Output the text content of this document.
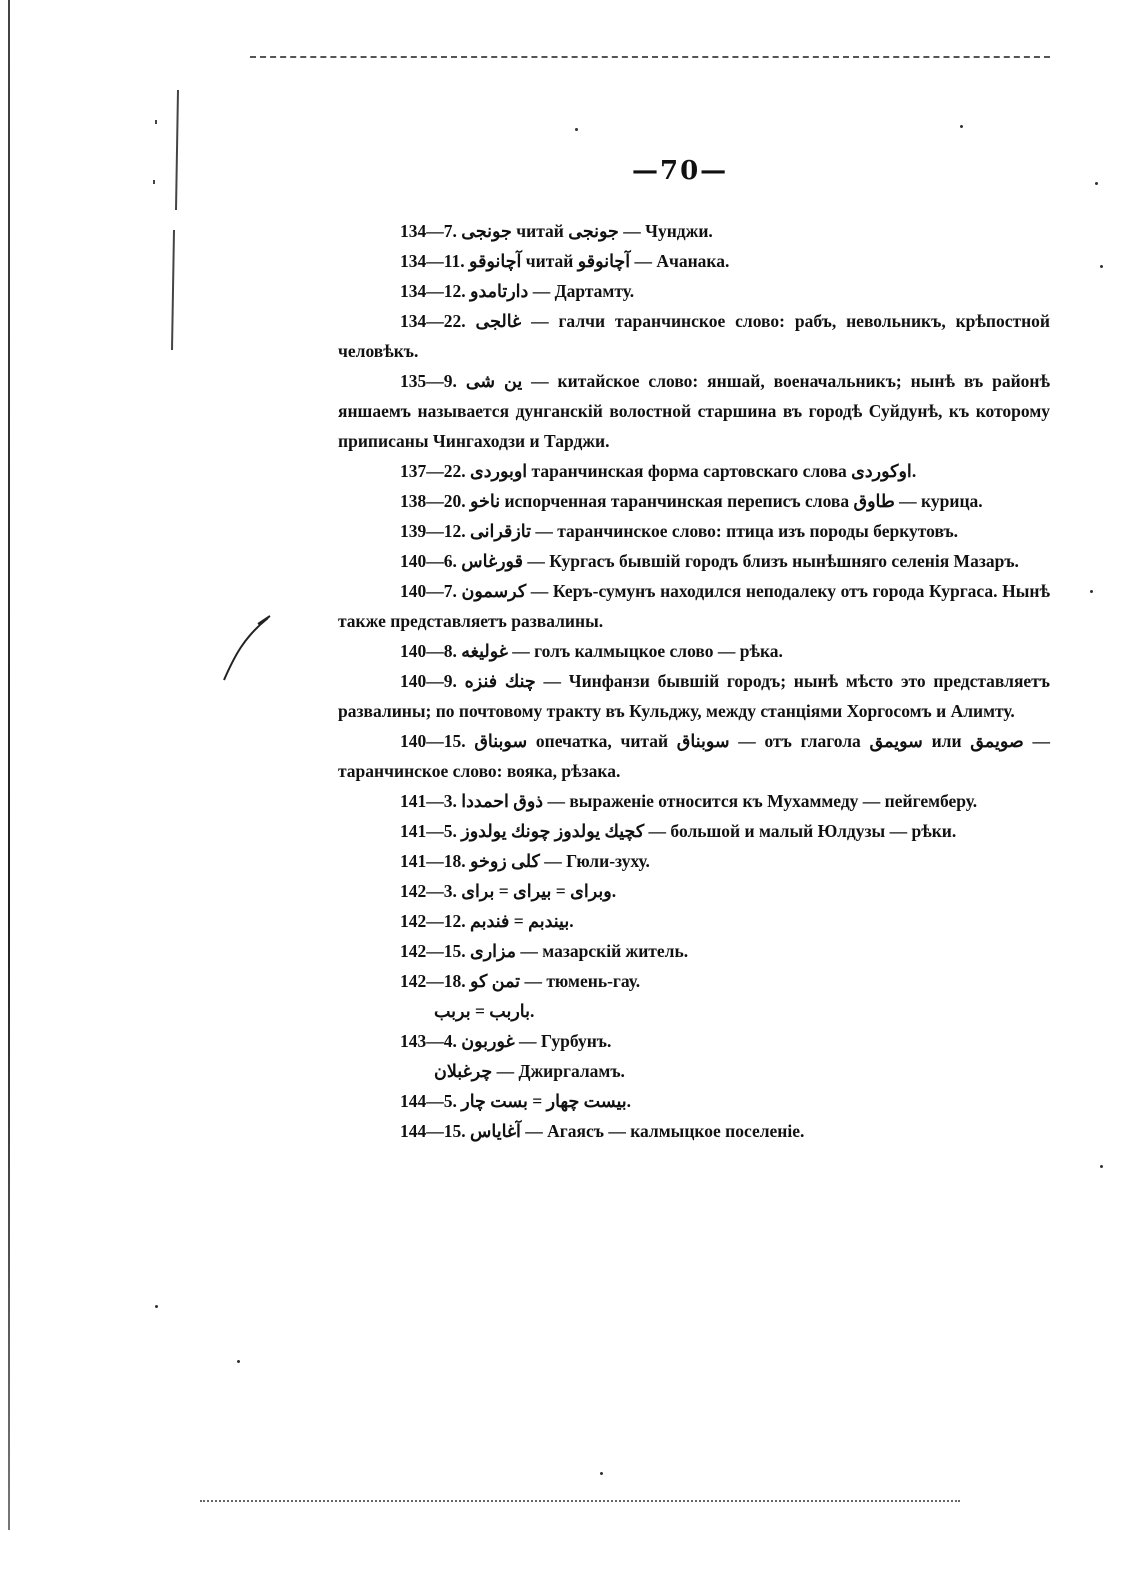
—70—

134—7. جونجى читай جونجى — Чунджи.

134—11. آچانوقو читай آچانوقو — Ачанака.

134—12. دارتامدو — Дартамту.

134—22. غالجى — галчи таранчинское слово: рабъ, невольникъ, крѣпостной человѣкъ.

135—9. ين شى — китайское слово: яншай, военачальникъ; нынѣ въ районѣ яншаемъ называется дунганскій волостной старшина въ городѣ Суйдунѣ, къ которому приписаны Чингаходзи и Тарджи.

137—22. اوبوردى таранчинская форма сартовскаго слова اوكوردى.

138—20. ناخو испорченная таранчинская переписъ слова طاوق — курица.

139—12. تازقرانى — таранчинское слово: птица изъ породы беркутовъ.

140—6. قورغاس — Кургасъ бывшій городъ близъ нынѣшняго селенія Мазаръ.

140—7. كرسمون — Керъ-сумунъ находился неподалеку отъ города Кургаса. Нынѣ также представляетъ развалины.

140—8. غوليغه — голъ калмыцкое слово — рѣка.

140—9. چنك فنزه — Чинфанзи бывшій городъ; нынѣ мѣсто это представляетъ развалины; по почтовому тракту въ Кульджу, между станціями Хоргосомъ и Алимту.

140—15. سوبناق опечатка, читай سوبناق — отъ глагола سويمق или صويمق — таранчинское слово: вояка, рѣзака.

141—3. ذوق احمددا — выраженіе относится къ Мухаммеду — пейгемберу.

141—5. كچيك يولدوز چونك يولدوز — большой и малый Юлдузы — рѣки.

141—18. كلى زوخو — Гюли-зуху.

142—3. وبراى = بيراى = براى.

142—12. بيندبم = فندبم.

142—15. مزارى — мазарскій житель.

142—18. تمن كو — тюмень-гау.

باربب = بربب.

143—4. غوربون — Гурбунъ.

چرغبلان — Джиргаламъ.

144—5. بيست چهار = بست چار.

144—15. آغاياس — Агаясъ — калмыцкое поселеніе.
